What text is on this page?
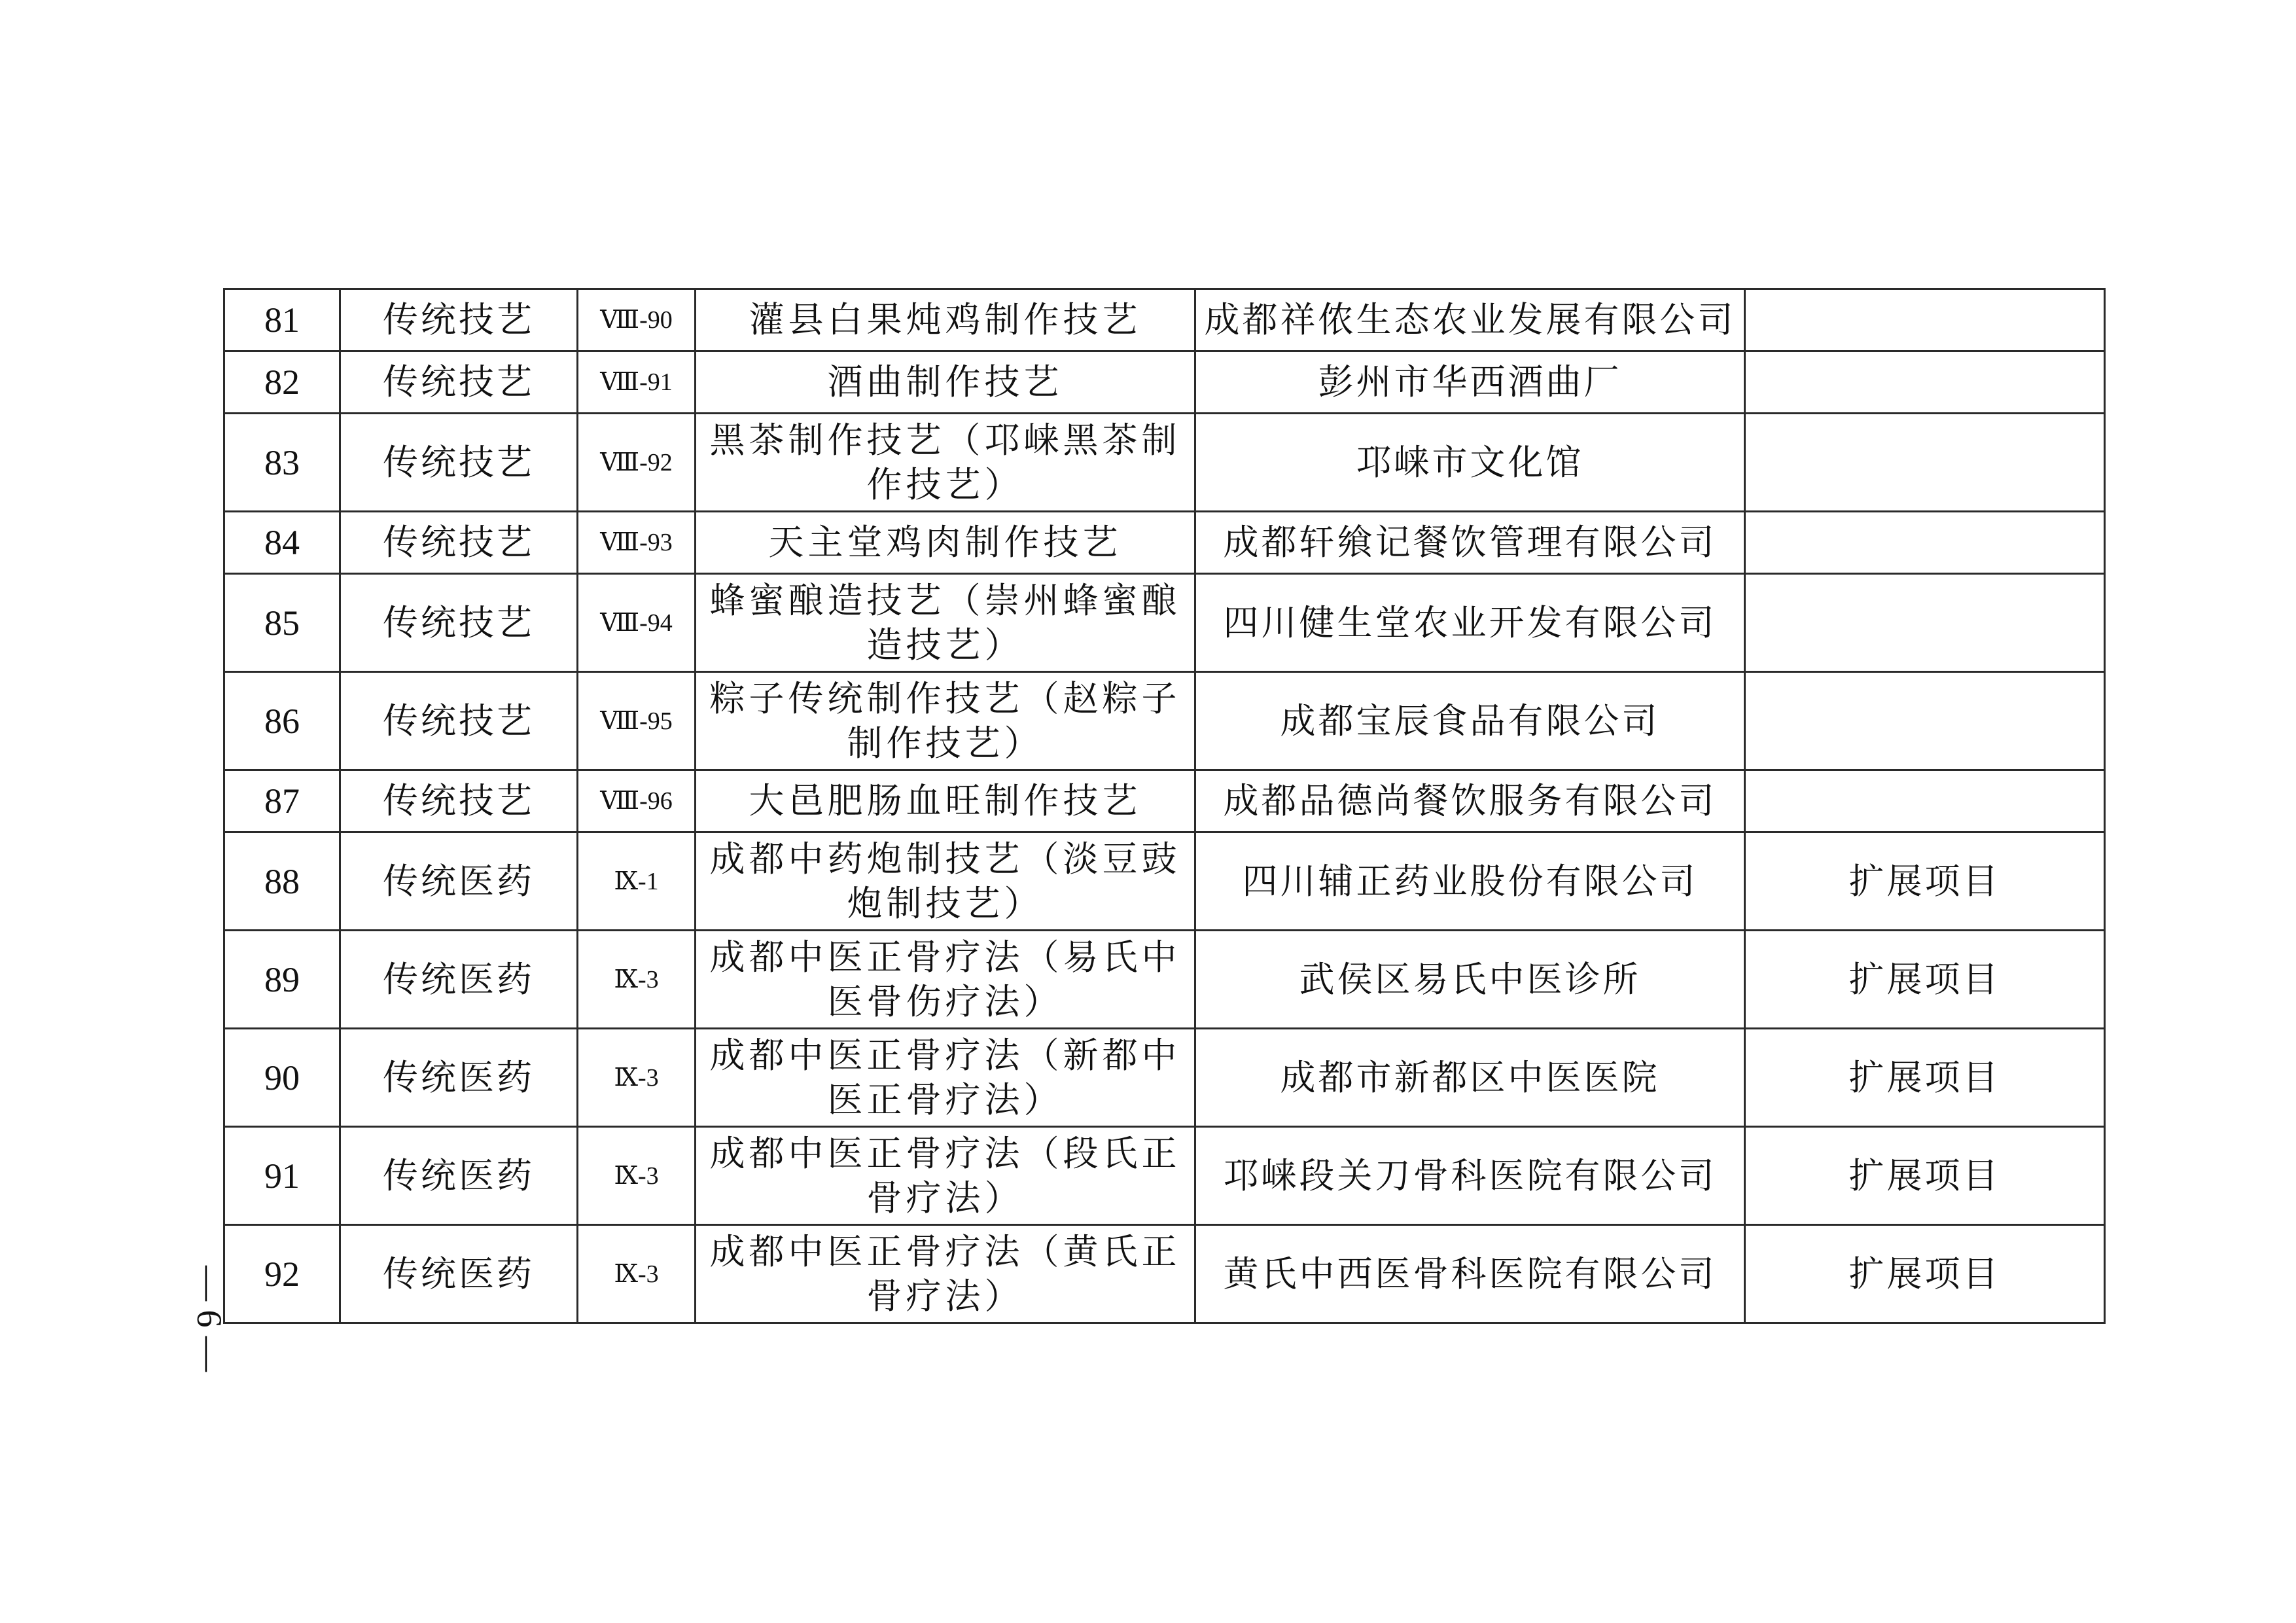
81	传统技艺	Ⅷ-90	灌县白果炖鸡制作技艺	成都祥侬生态农业发展有限公司	
82	传统技艺	Ⅷ-91	酒曲制作技艺	彭州市华西酒曲厂	
83	传统技艺	Ⅷ-92	黑茶制作技艺（邛崃黑茶制作技艺）	邛崃市文化馆	
84	传统技艺	Ⅷ-93	天主堂鸡肉制作技艺	成都轩飨记餐饮管理有限公司	
85	传统技艺	Ⅷ-94	蜂蜜酿造技艺（崇州蜂蜜酿造技艺）	四川健生堂农业开发有限公司	
86	传统技艺	Ⅷ-95	粽子传统制作技艺（赵粽子制作技艺）	成都宝辰食品有限公司	
87	传统技艺	Ⅷ-96	大邑肥肠血旺制作技艺	成都品德尚餐饮服务有限公司	
88	传统医药	Ⅸ-1	成都中药炮制技艺（淡豆豉炮制技艺）	四川辅正药业股份有限公司	扩展项目
89	传统医药	Ⅸ-3	成都中医正骨疗法（易氏中医骨伤疗法）	武侯区易氏中医诊所	扩展项目
90	传统医药	Ⅸ-3	成都中医正骨疗法（新都中医正骨疗法）	成都市新都区中医医院	扩展项目
91	传统医药	Ⅸ-3	成都中医正骨疗法（段氏正骨疗法）	邛崃段关刀骨科医院有限公司	扩展项目
92	传统医药	Ⅸ-3	成都中医正骨疗法（黄氏正骨疗法）	黄氏中西医骨科医院有限公司	扩展项目
— 6 —
